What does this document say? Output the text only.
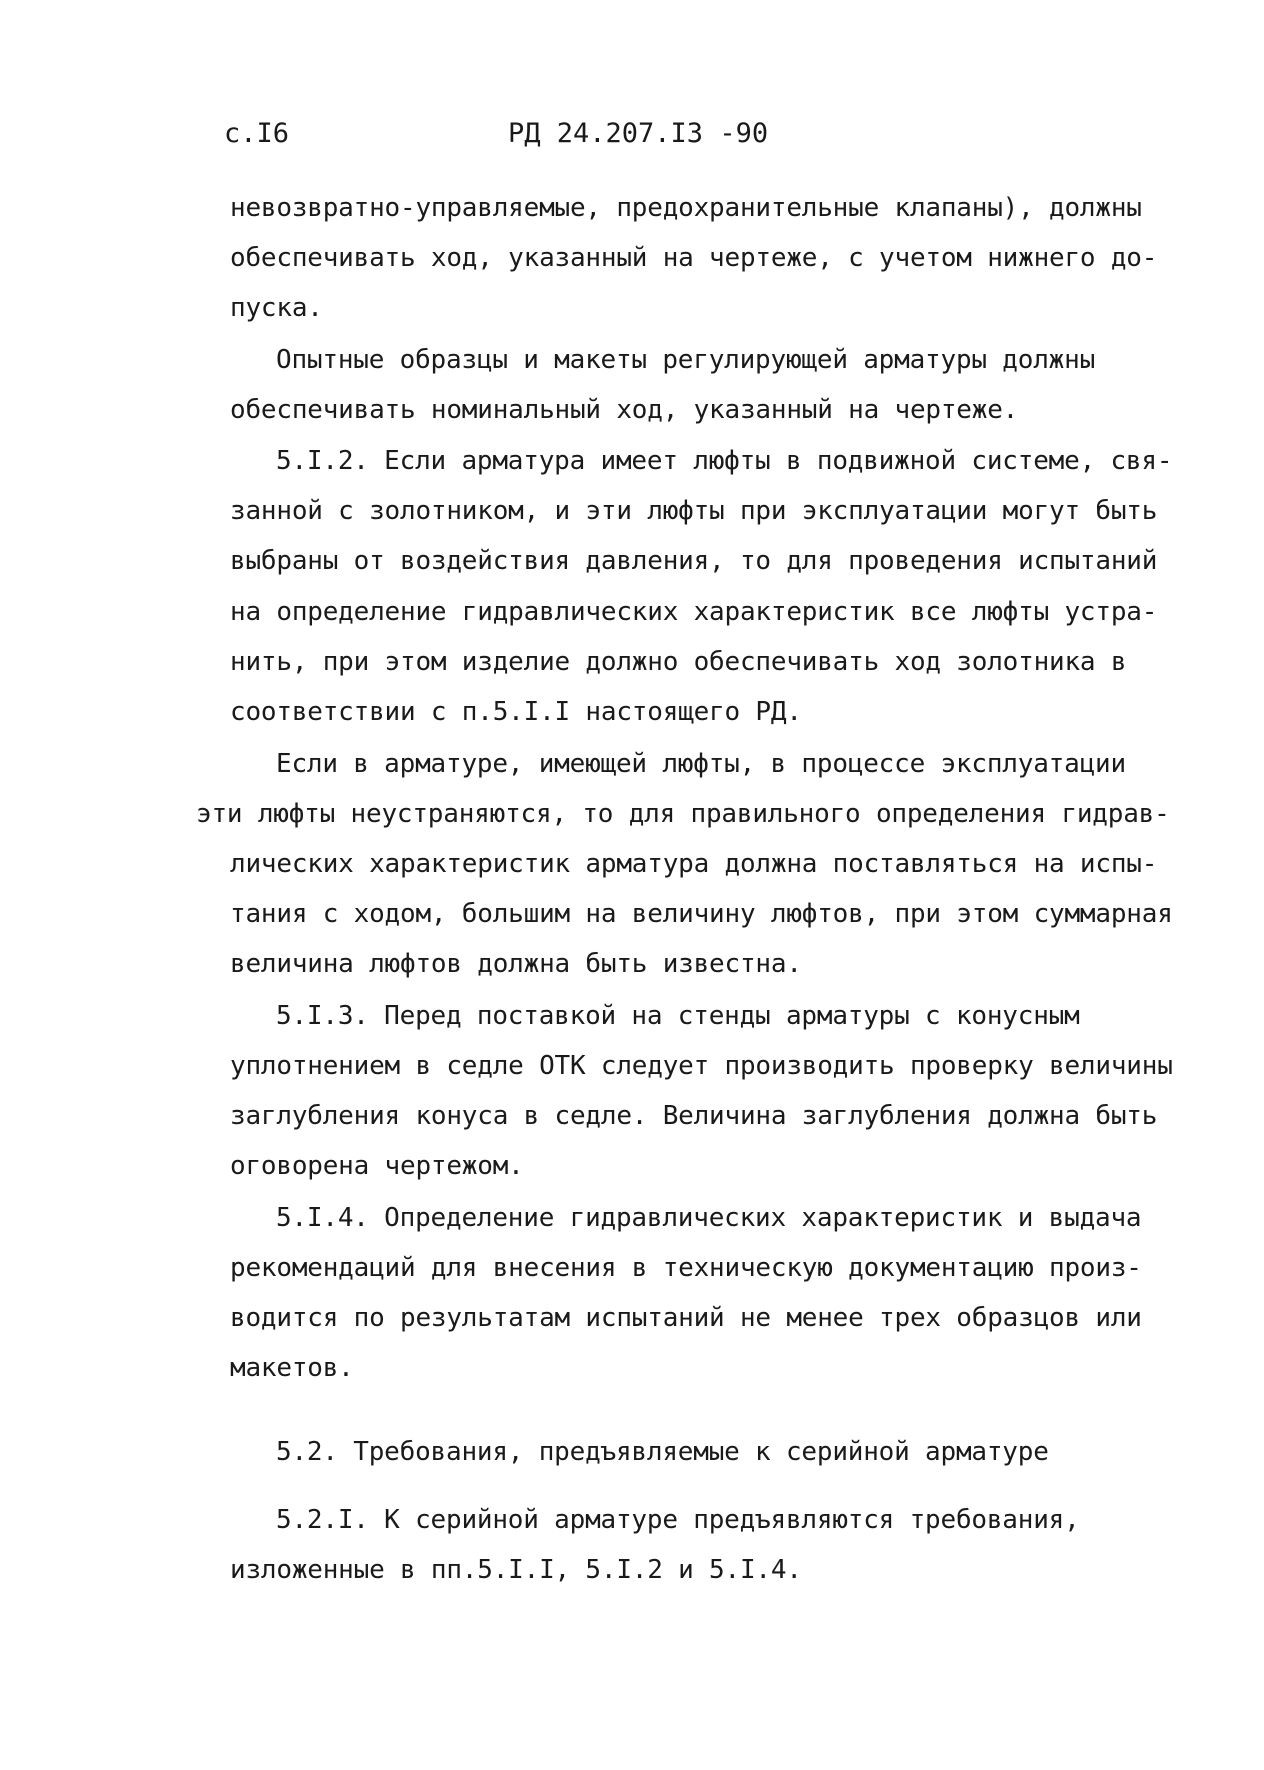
с.I6	РД 24.207.I3 -90
невозвратно-управляемые, предохранительные клапаны), должны
обеспечивать ход, указанный на чертеже, с учетом нижнего до-
пуска.
Опытные образцы и макеты регулирующей арматуры должны
обеспечивать номинальный ход, указанный на чертеже.
5.I.2. Если арматура имеет люфты в подвижной системе, свя-
занной с золотником, и эти люфты при эксплуатации могут быть
выбраны от воздействия давления, то для проведения испытаний
на определение гидравлических характеристик все люфты устра-
нить, при этом изделие должно обеспечивать ход золотника в
соответствии с п.5.I.I настоящего РД.
Если в арматуре, имеющей люфты, в процессе эксплуатации
эти люфты неустраняются, то для правильного определения гидрав-
лических характеристик арматура должна поставляться на испы-
тания с ходом, большим на величину люфтов, при этом суммарная
величина люфтов должна быть известна.
5.I.3. Перед поставкой на стенды арматуры с конусным
уплотнением в седле ОТК следует производить проверку величины
заглубления конуса в седле. Величина заглубления должна быть
оговорена чертежом.
5.I.4. Определение гидравлических характеристик и выдача
рекомендаций для внесения в техническую документацию произ-
водится по результатам испытаний не менее трех образцов или
макетов.
5.2. Требования, предъявляемые к серийной арматуре
5.2.I. К серийной арматуре предъявляются требования,
изложенные в пп.5.I.I, 5.I.2 и 5.I.4.
